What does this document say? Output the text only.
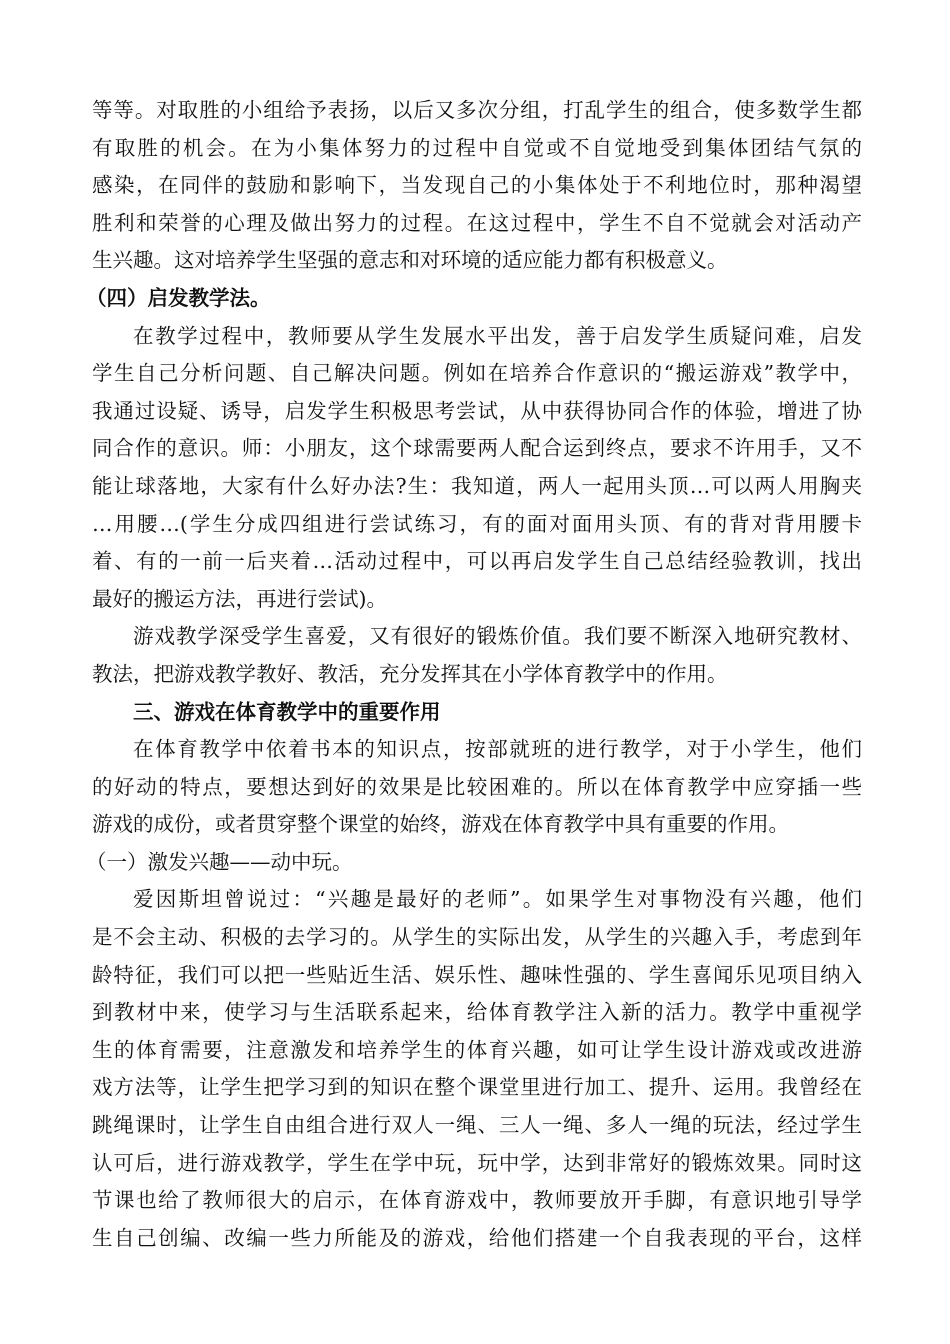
等等。对取胜的小组给予表扬，以后又多次分组，打乱学生的组合，使多数学生都
有取胜的机会。在为小集体努力的过程中自觉或不自觉地受到集体团结气氛的
感染，在同伴的鼓励和影响下，当发现自己的小集体处于不利地位时，那种渴望
胜利和荣誉的心理及做出努力的过程。在这过程中，学生不自不觉就会对活动产
生兴趣。这对培养学生坚强的意志和对环境的适应能力都有积极意义。
（四）启发教学法。
在教学过程中，教师要从学生发展水平出发，善于启发学生质疑问难，启发
学生自己分析问题、自己解决问题。例如在培养合作意识的“搬运游戏”教学中，
我通过设疑、诱导，启发学生积极思考尝试，从中获得协同合作的体验，增进了协
同合作的意识。师：小朋友，这个球需要两人配合运到终点，要求不许用手，又不
能让球落地，大家有什么好办法?生：我知道，两人一起用头顶…可以两人用胸夹
…用腰…(学生分成四组进行尝试练习，有的面对面用头顶、有的背对背用腰卡
着、有的一前一后夹着…活动过程中，可以再启发学生自己总结经验教训，找出
最好的搬运方法，再进行尝试)。
游戏教学深受学生喜爱，又有很好的锻炼价值。我们要不断深入地研究教材、
教法，把游戏教学教好、教活，充分发挥其在小学体育教学中的作用。
三、游戏在体育教学中的重要作用
在体育教学中依着书本的知识点，按部就班的进行教学，对于小学生，他们
的好动的特点，要想达到好的效果是比较困难的。所以在体育教学中应穿插一些
游戏的成份，或者贯穿整个课堂的始终，游戏在体育教学中具有重要的作用。
（一）激发兴趣——动中玩。
爱因斯坦曾说过：“兴趣是最好的老师”。如果学生对事物没有兴趣，他们
是不会主动、积极的去学习的。从学生的实际出发，从学生的兴趣入手，考虑到年
龄特征，我们可以把一些贴近生活、娱乐性、趣味性强的、学生喜闻乐见项目纳入
到教材中来，使学习与生活联系起来，给体育教学注入新的活力。教学中重视学
生的体育需要，注意激发和培养学生的体育兴趣，如可让学生设计游戏或改进游
戏方法等，让学生把学习到的知识在整个课堂里进行加工、提升、运用。我曾经在
跳绳课时，让学生自由组合进行双人一绳、三人一绳、多人一绳的玩法，经过学生
认可后，进行游戏教学，学生在学中玩，玩中学，达到非常好的锻炼效果。同时这
节课也给了教师很大的启示，在体育游戏中，教师要放开手脚，有意识地引导学
生自己创编、改编一些力所能及的游戏，给他们搭建一个自我表现的平台，这样
